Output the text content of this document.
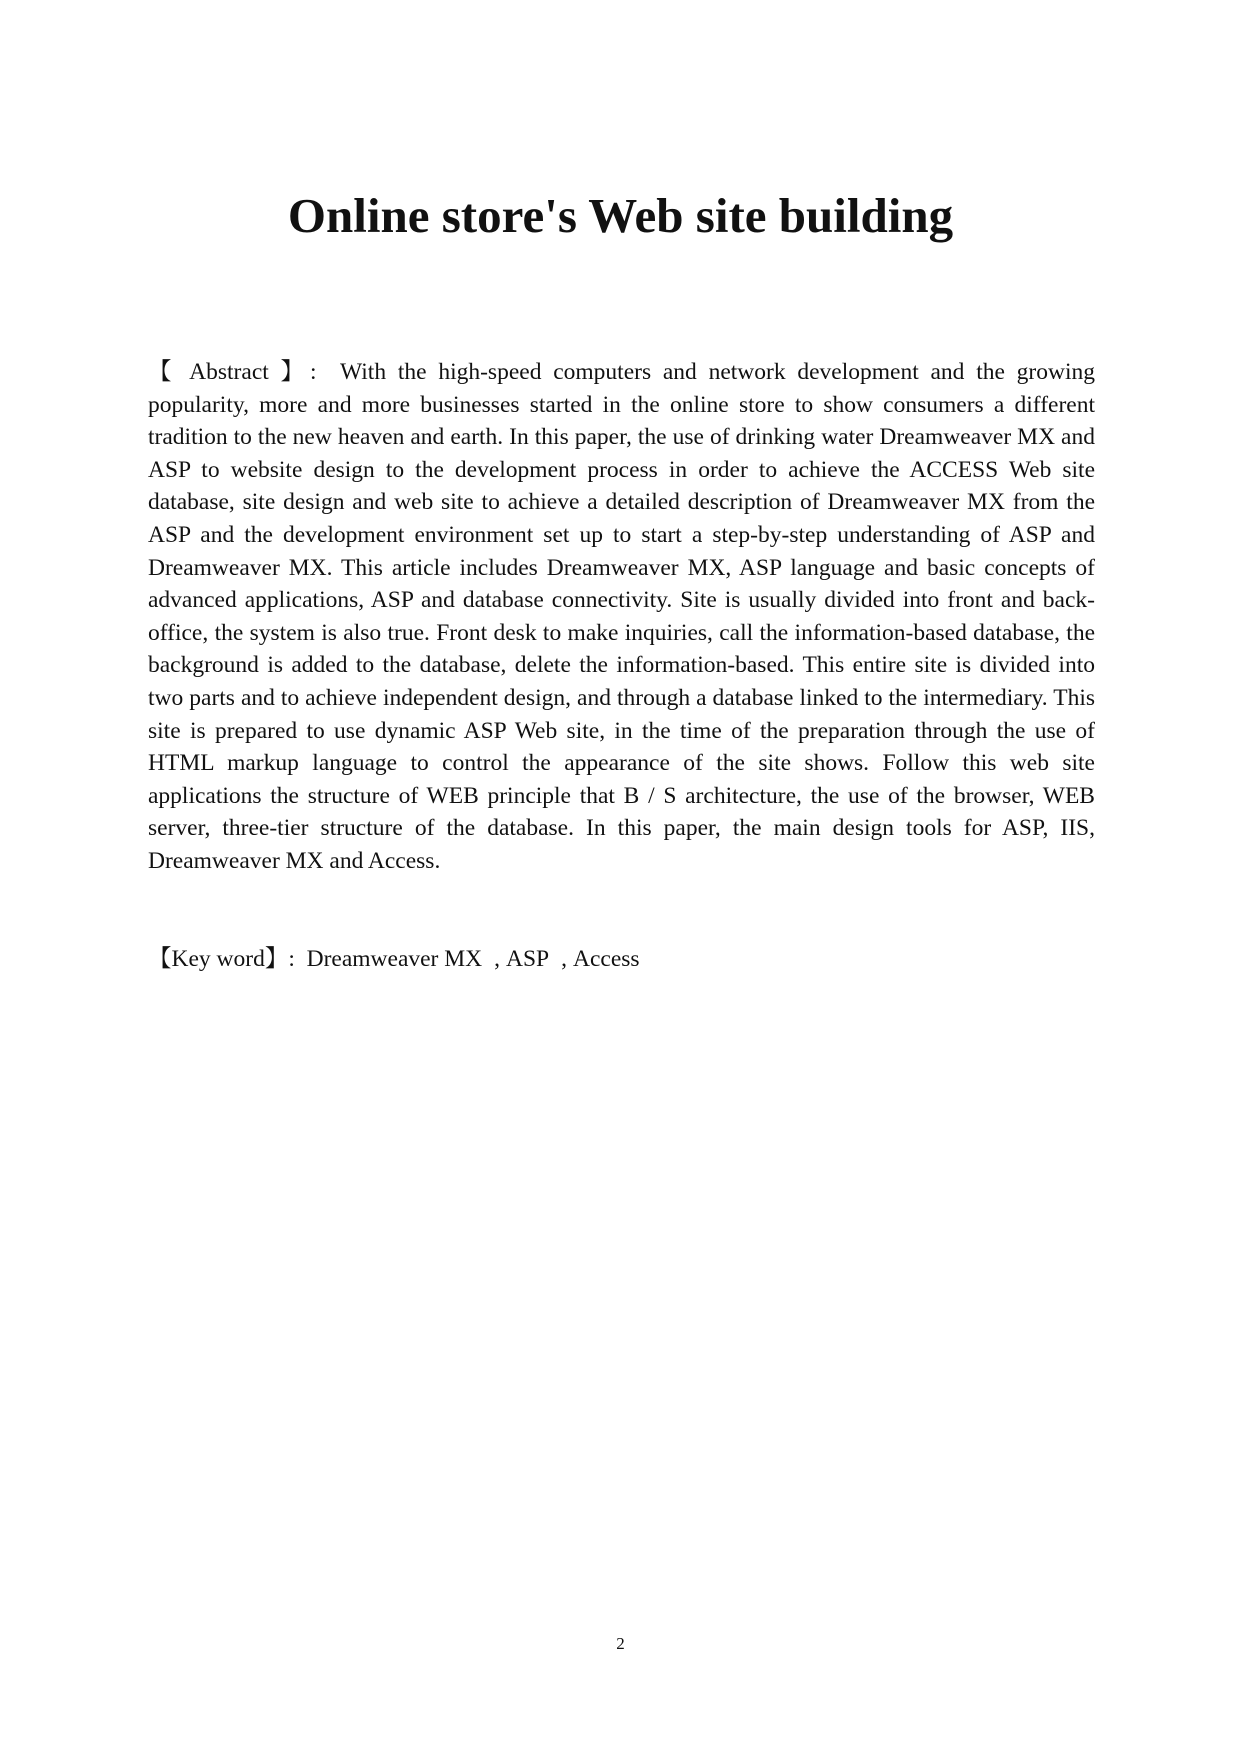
Online store's Web site building

【 Abstract 】: With the high-speed computers and network development and the growing popularity, more and more businesses started in the online store to show consumers a different tradition to the new heaven and earth. In this paper, the use of drinking water Dreamweaver MX and ASP to website design to the development process in order to achieve the ACCESS Web site database, site design and web site to achieve a detailed description of Dreamweaver MX from the ASP and the development environment set up to start a step-by-step understanding of ASP and Dreamweaver MX. This article includes Dreamweaver MX, ASP language and basic concepts of advanced applications, ASP and database connectivity. Site is usually divided into front and back-office, the system is also true. Front desk to make inquiries, call the information-based database, the background is added to the database, delete the information-based. This entire site is divided into two parts and to achieve independent design, and through a database linked to the intermediary. This site is prepared to use dynamic ASP Web site, in the time of the preparation through the use of HTML markup language to control the appearance of the site shows. Follow this web site applications the structure of WEB principle that B / S architecture, the use of the browser, WEB server, three-tier structure of the database. In this paper, the main design tools for ASP, IIS, Dreamweaver MX and Access.

【Key word】: Dreamweaver MX , ASP , Access

2
